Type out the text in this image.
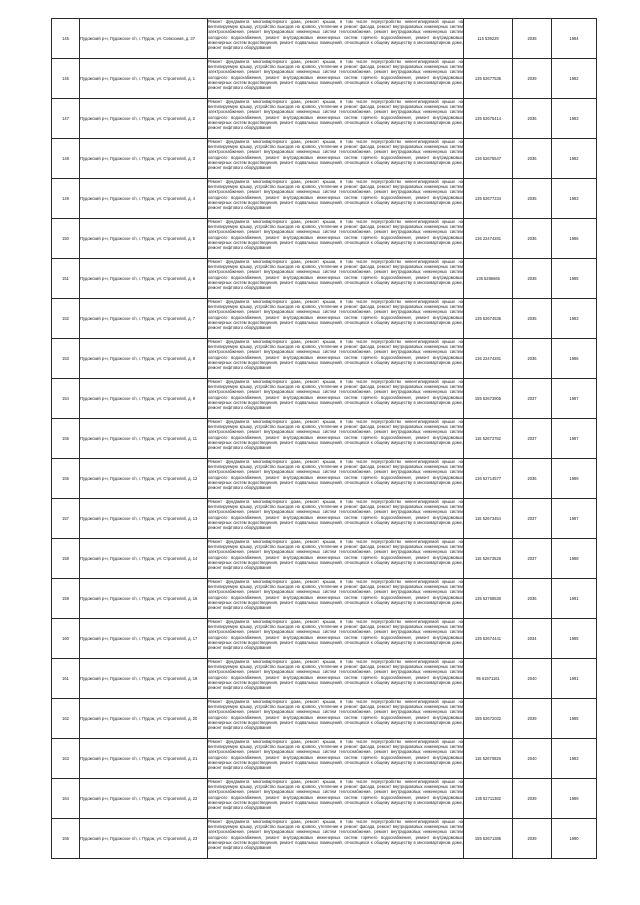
145	Пудожский р-н, Пудожское г/п, г. Пудож, ул. Совхозная, д. 37	Ремонт фундамента многоквартирного дома, ремонт крыши, в том числе переустройство невентилируемой крыши на вентилируемую крышу, устройство выходов на кровлю, утепление и ремонт фасада, ремонт внутридомовых инженерных систем электроснабжения, ремонт внутридомовых инженерных систем теплоснабжения, ремонт внутридомовых инженерных систем холодного водоснабжения, ремонт внутридомовых инженерных систем горячего водоснабжения, ремонт внутридомовых инженерных систем водоотведения, ремонт подвальных помещений, относящихся к общему имуществу в многоквартирном доме, ремонт лифтового оборудования	115 539229	2038	1984
146	Пудожский р-н, Пудожское г/п, г. Пудож, ул. Строителей, д. 1	Ремонт фундамента многоквартирного дома, ремонт крыши, в том числе переустройство невентилируемой крыши на вентилируемую крышу, устройство выходов на кровлю, утепление и ремонт фасада, ремонт внутридомовых инженерных систем электроснабжения, ремонт внутридомовых инженерных систем теплоснабжения, ремонт внутридомовых инженерных систем холодного водоснабжения, ремонт внутридомовых инженерных систем горячего водоснабжения, ремонт внутридомовых инженерных систем водоотведения, ремонт подвальных помещений, относящихся к общему имуществу в многоквартирном доме, ремонт лифтового оборудования	135 52677535	2039	1982
147	Пудожский р-н, Пудожское г/п, г. Пудож, ул. Строителей, д. 2	Ремонт фундамента многоквартирного дома, ремонт крыши, в том числе переустройство невентилируемой крыши на вентилируемую крышу, устройство выходов на кровлю, утепление и ремонт фасада, ремонт внутридомовых инженерных систем электроснабжения, ремонт внутридомовых инженерных систем теплоснабжения, ремонт внутридомовых инженерных систем холодного водоснабжения, ремонт внутридомовых инженерных систем горячего водоснабжения, ремонт внутридомовых инженерных систем водоотведения, ремонт подвальных помещений, относящихся к общему имуществу в многоквартирном доме, ремонт лифтового оборудования	135 52675414	2036	1983
148	Пудожский р-н, Пудожское г/п, г. Пудож, ул. Строителей, д. 3	Ремонт фундамента многоквартирного дома, ремонт крыши, в том числе переустройство невентилируемой крыши на вентилируемую крышу, устройство выходов на кровлю, утепление и ремонт фасада, ремонт внутридомовых инженерных систем электроснабжения, ремонт внутридомовых инженерных систем теплоснабжения, ремонт внутридомовых инженерных систем холодного водоснабжения, ремонт внутридомовых инженерных систем горячего водоснабжения, ремонт внутридомовых инженерных систем водоотведения, ремонт подвальных помещений, относящихся к общему имуществу в многоквартирном доме, ремонт лифтового оборудования	136 52675547	2036	1982
149	Пудожский р-н, Пудожское г/п, г. Пудож, ул. Строителей, д. 4	Ремонт фундамента многоквартирного дома, ремонт крыши, в том числе переустройство невентилируемой крыши на вентилируемую крышу, устройство выходов на кровлю, утепление и ремонт фасада, ремонт внутридомовых инженерных систем электроснабжения, ремонт внутридомовых инженерных систем теплоснабжения, ремонт внутридомовых инженерных систем холодного водоснабжения, ремонт внутридомовых инженерных систем горячего водоснабжения, ремонт внутридомовых инженерных систем водоотведения, ремонт подвальных помещений, относящихся к общему имуществу в многоквартирном доме, ремонт лифтового оборудования	135 52677234	2035	1983
150	Пудожский р-н, Пудожское г/п, г. Пудож, ул. Строителей, д. 5	Ремонт фундамента многоквартирного дома, ремонт крыши, в том числе переустройство невентилируемой крыши на вентилируемую крышу, устройство выходов на кровлю, утепление и ремонт фасада, ремонт внутридомовых инженерных систем электроснабжения, ремонт внутридомовых инженерных систем теплоснабжения, ремонт внутридомовых инженерных систем холодного водоснабжения, ремонт внутридомовых инженерных систем горячего водоснабжения, ремонт внутридомовых инженерных систем водоотведения, ремонт подвальных помещений, относящихся к общему имуществу в многоквартирном доме, ремонт лифтового оборудования	136 22474281	2036	1986
151	Пудожский р-н, Пудожское г/п, г. Пудож, ул. Строителей, д. 6	Ремонт фундамента многоквартирного дома, ремонт крыши, в том числе переустройство невентилируемой крыши на вентилируемую крышу, устройство выходов на кровлю, утепление и ремонт фасада, ремонт внутридомовых инженерных систем электроснабжения, ремонт внутридомовых инженерных систем теплоснабжения, ремонт внутридомовых инженерных систем холодного водоснабжения, ремонт внутридомовых инженерных систем горячего водоснабжения, ремонт внутридомовых инженерных систем водоотведения, ремонт подвальных помещений, относящихся к общему имуществу в многоквартирном доме, ремонт лифтового оборудования	135 5286666	2038	1985
152	Пудожский р-н, Пудожское г/п, г. Пудож, ул. Строителей, д. 7	Ремонт фундамента многоквартирного дома, ремонт крыши, в том числе переустройство невентилируемой крыши на вентилируемую крышу, устройство выходов на кровлю, утепление и ремонт фасада, ремонт внутридомовых инженерных систем электроснабжения, ремонт внутридомовых инженерных систем теплоснабжения, ремонт внутридомовых инженерных систем холодного водоснабжения, ремонт внутридомовых инженерных систем горячего водоснабжения, ремонт внутридомовых инженерных систем водоотведения, ремонт подвальных помещений, относящихся к общему имуществу в многоквартирном доме, ремонт лифтового оборудования	135 52674536	2035	1983
153	Пудожский р-н, Пудожское г/п, г. Пудож, ул. Строителей, д. 8	Ремонт фундамента многоквартирного дома, ремонт крыши, в том числе переустройство невентилируемой крыши на вентилируемую крышу, устройство выходов на кровлю, утепление и ремонт фасада, ремонт внутридомовых инженерных систем электроснабжения, ремонт внутридомовых инженерных систем теплоснабжения, ремонт внутридомовых инженерных систем холодного водоснабжения, ремонт внутридомовых инженерных систем горячего водоснабжения, ремонт внутридомовых инженерных систем водоотведения, ремонт подвальных помещений, относящихся к общему имуществу в многоквартирном доме, ремонт лифтового оборудования	136 22474281	2036	1986
154	Пудожский р-н, Пудожское г/п, г. Пудож, ул. Строителей, д. 9	Ремонт фундамента многоквартирного дома, ремонт крыши, в том числе переустройство невентилируемой крыши на вентилируемую крышу, устройство выходов на кровлю, утепление и ремонт фасада, ремонт внутридомовых инженерных систем электроснабжения, ремонт внутридомовых инженерных систем теплоснабжения, ремонт внутридомовых инженерных систем холодного водоснабжения, ремонт внутридомовых инженерных систем горячего водоснабжения, ремонт внутридомовых инженерных систем водоотведения, ремонт подвальных помещений, относящихся к общему имуществу в многоквартирном доме, ремонт лифтового оборудования	155 52673905	2037	1987
155	Пудожский р-н, Пудожское г/п, г. Пудож, ул. Строителей, д. 11	Ремонт фундамента многоквартирного дома, ремонт крыши, в том числе переустройство невентилируемой крыши на вентилируемую крышу, устройство выходов на кровлю, утепление и ремонт фасада, ремонт внутридомовых инженерных систем электроснабжения, ремонт внутридомовых инженерных систем теплоснабжения, ремонт внутридомовых инженерных систем холодного водоснабжения, ремонт внутридомовых инженерных систем горячего водоснабжения, ремонт внутридомовых инженерных систем водоотведения, ремонт подвальных помещений, относящихся к общему имуществу в многоквартирном доме, ремонт лифтового оборудования	115 52673782	2037	1987
156	Пудожский р-н, Пудожское г/п, г. Пудож, ул. Строителей, д. 12	Ремонт фундамента многоквартирного дома, ремонт крыши, в том числе переустройство невентилируемой крыши на вентилируемую крышу, устройство выходов на кровлю, утепление и ремонт фасада, ремонт внутридомовых инженерных систем электроснабжения, ремонт внутридомовых инженерных систем теплоснабжения, ремонт внутридомовых инженерных систем холодного водоснабжения, ремонт внутридомовых инженерных систем горячего водоснабжения, ремонт внутридомовых инженерных систем водоотведения, ремонт подвальных помещений, относящихся к общему имуществу в многоквартирном доме, ремонт лифтового оборудования	136 52714577	2036	1989
157	Пудожский р-н, Пудожское г/п, г. Пудож, ул. Строителей, д. 13	Ремонт фундамента многоквартирного дома, ремонт крыши, в том числе переустройство невентилируемой крыши на вентилируемую крышу, устройство выходов на кровлю, утепление и ремонт фасада, ремонт внутридомовых инженерных систем электроснабжения, ремонт внутридомовых инженерных систем теплоснабжения, ремонт внутридомовых инженерных систем холодного водоснабжения, ремонт внутридомовых инженерных систем горячего водоснабжения, ремонт внутридомовых инженерных систем водоотведения, ремонт подвальных помещений, относящихся к общему имуществу в многоквартирном доме, ремонт лифтового оборудования	115 52673454	2037	1987
158	Пудожский р-н, Пудожское г/п, г. Пудож, ул. Строителей, д. 14	Ремонт фундамента многоквартирного дома, ремонт крыши, в том числе переустройство невентилируемой крыши на вентилируемую крышу, устройство выходов на кровлю, утепление и ремонт фасада, ремонт внутридомовых инженерных систем электроснабжения, ремонт внутридомовых инженерных систем теплоснабжения, ремонт внутридомовых инженерных систем холодного водоснабжения, ремонт внутридомовых инженерных систем горячего водоснабжения, ремонт внутридомовых инженерных систем водоотведения, ремонт подвальных помещений, относящихся к общему имуществу в многоквартирном доме, ремонт лифтового оборудования	115 52673528	2037	1988
159	Пудожский р-н, Пудожское г/п, г. Пудож, ул. Строителей, д. 16	Ремонт фундамента многоквартирного дома, ремонт крыши, в том числе переустройство невентилируемой крыши на вентилируемую крышу, устройство выходов на кровлю, утепление и ремонт фасада, ремонт внутридомовых инженерных систем электроснабжения, ремонт внутридомовых инженерных систем теплоснабжения, ремонт внутридомовых инженерных систем холодного водоснабжения, ремонт внутридомовых инженерных систем горячего водоснабжения, ремонт внутридомовых инженерных систем водоотведения, ремонт подвальных помещений, относящихся к общему имуществу в многоквартирном доме, ремонт лифтового оборудования	135 52769530	2036	1991
160	Пудожский р-н, Пудожское г/п, г. Пудож, ул. Строителей, д. 17	Ремонт фундамента многоквартирного дома, ремонт крыши, в том числе переустройство невентилируемой крыши на вентилируемую крышу, устройство выходов на кровлю, утепление и ремонт фасада, ремонт внутридомовых инженерных систем электроснабжения, ремонт внутридомовых инженерных систем теплоснабжения, ремонт внутридомовых инженерных систем холодного водоснабжения, ремонт внутридомовых инженерных систем горячего водоснабжения, ремонт внутридомовых инженерных систем водоотведения, ремонт подвальных помещений, относящихся к общему имуществу в многоквартирном доме, ремонт лифтового оборудования	135 52674441	2034	1985
161	Пудожский р-н, Пудожское г/п, г. Пудож, ул. Строителей, д. 19	Ремонт фундамента многоквартирного дома, ремонт крыши, в том числе переустройство невентилируемой крыши на вентилируемую крышу, устройство выходов на кровлю, утепление и ремонт фасада, ремонт внутридомовых инженерных систем электроснабжения, ремонт внутридомовых инженерных систем теплоснабжения, ремонт внутридомовых инженерных систем холодного водоснабжения, ремонт внутридомовых инженерных систем горячего водоснабжения, ремонт внутридомовых инженерных систем водоотведения, ремонт подвальных помещений, относящихся к общему имуществу в многоквартирном доме, ремонт лифтового оборудования	95 61971161	2040	1991
162	Пудожский р-н, Пудожское г/п, г. Пудож, ул. Строителей, д. 20	Ремонт фундамента многоквартирного дома, ремонт крыши, в том числе переустройство невентилируемой крыши на вентилируемую крышу, устройство выходов на кровлю, утепление и ремонт фасада, ремонт внутридомовых инженерных систем электроснабжения, ремонт внутридомовых инженерных систем теплоснабжения, ремонт внутридомовых инженерных систем холодного водоснабжения, ремонт внутридомовых инженерных систем горячего водоснабжения, ремонт внутридомовых инженерных систем водоотведения, ремонт подвальных помещений, относящихся к общему имуществу в многоквартирном доме, ремонт лифтового оборудования	155 52672032	2039	1985
163	Пудожский р-н, Пудожское г/п, г. Пудож, ул. Строителей, д. 21	Ремонт фундамента многоквартирного дома, ремонт крыши, в том числе переустройство невентилируемой крыши на вентилируемую крышу, устройство выходов на кровлю, утепление и ремонт фасада, ремонт внутридомовых инженерных систем электроснабжения, ремонт внутридомовых инженерных систем теплоснабжения, ремонт внутридомовых инженерных систем холодного водоснабжения, ремонт внутридомовых инженерных систем горячего водоснабжения, ремонт внутридомовых инженерных систем водоотведения, ремонт подвальных помещений, относящихся к общему имуществу в многоквартирном доме, ремонт лифтового оборудования	115 52670826	2040	1983
164	Пудожский р-н, Пудожское г/п, г. Пудож, ул. Строителей, д. 22	Ремонт фундамента многоквартирного дома, ремонт крыши, в том числе переустройство невентилируемой крыши на вентилируемую крышу, устройство выходов на кровлю, утепление и ремонт фасада, ремонт внутридомовых инженерных систем электроснабжения, ремонт внутридомовых инженерных систем теплоснабжения, ремонт внутридомовых инженерных систем холодного водоснабжения, ремонт внутридомовых инженерных систем горячего водоснабжения, ремонт внутридомовых инженерных систем водоотведения, ремонт подвальных помещений, относящихся к общему имуществу в многоквартирном доме, ремонт лифтового оборудования	135 52711382	2039	1989
165	Пудожский р-н, Пудожское г/п, г. Пудож, ул. Строителей, д. 23	Ремонт фундамента многоквартирного дома, ремонт крыши, в том числе переустройство невентилируемой крыши на вентилируемую крышу, устройство выходов на кровлю, утепление и ремонт фасада, ремонт внутридомовых инженерных систем электроснабжения, ремонт внутридомовых инженерных систем теплоснабжения, ремонт внутридомовых инженерных систем холодного водоснабжения, ремонт внутридомовых инженерных систем горячего водоснабжения, ремонт внутридомовых инженерных систем водоотведения, ремонт подвальных помещений, относящихся к общему имуществу в многоквартирном доме, ремонт лифтового оборудования	155 52671385	2039	1990
